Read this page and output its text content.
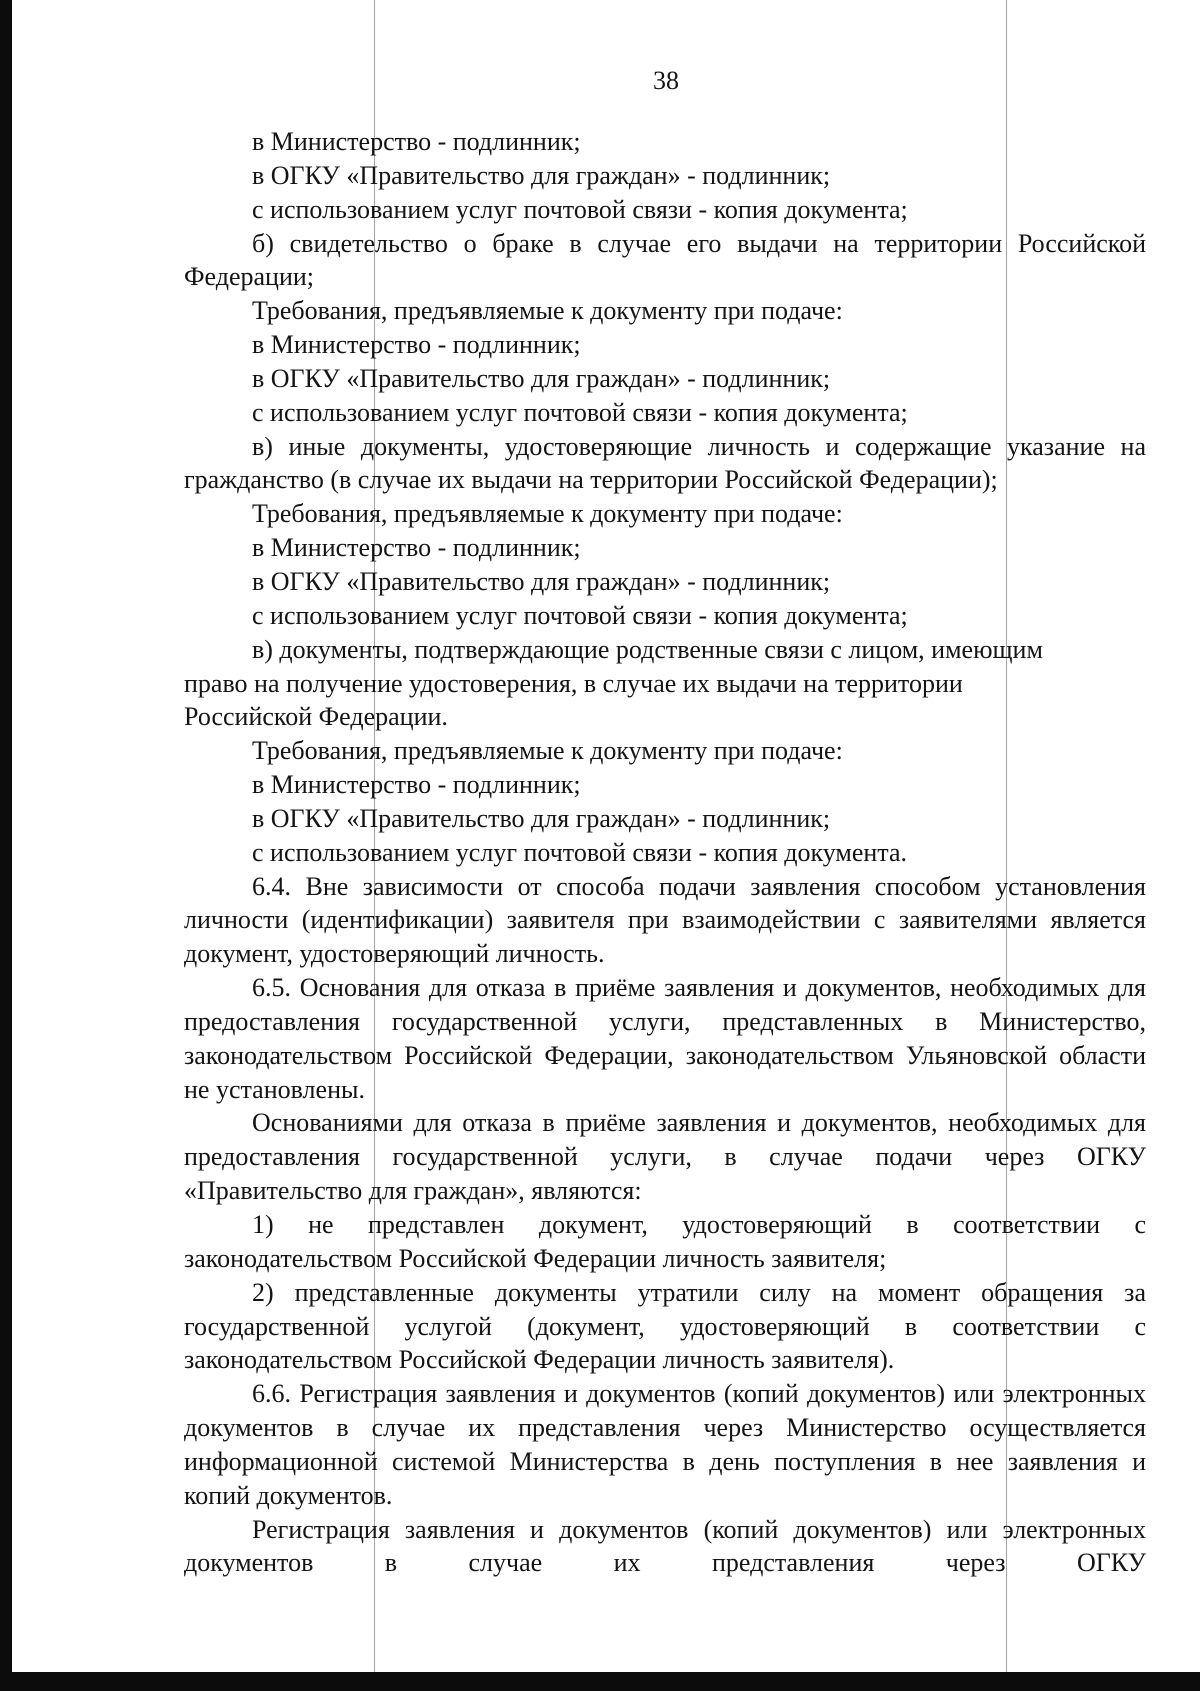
38

в Министерство - подлинник;

в ОГКУ «Правительство для граждан» - подлинник;

с использованием услуг почтовой связи - копия документа;

б) свидетельство о браке в случае его выдачи на территории Российской Федерации;

Требования, предъявляемые к документу при подаче:

в Министерство - подлинник;

в ОГКУ «Правительство для граждан» - подлинник;

с использованием услуг почтовой связи - копия документа;

в) иные документы, удостоверяющие личность и содержащие указание на гражданство (в случае их выдачи на территории Российской Федерации);

Требования, предъявляемые к документу при подаче:

в Министерство - подлинник;

в ОГКУ «Правительство для граждан» - подлинник;

с использованием услуг почтовой связи - копия документа;

в) документы, подтверждающие родственные связи с лицом, имеющим

право на получение удостоверения, в случае их выдачи на территории

Российской Федерации.

Требования, предъявляемые к документу при подаче:

в Министерство - подлинник;

в ОГКУ «Правительство для граждан» - подлинник;

с использованием услуг почтовой связи - копия документа.

6.4. Вне зависимости от способа подачи заявления способом установления личности (идентификации) заявителя при взаимодействии с заявителями является документ, удостоверяющий личность.

6.5. Основания для отказа в приёме заявления и документов, необходимых для предоставления государственной услуги, представленных в Министерство, законодательством Российской Федерации, законодательством Ульяновской области не установлены.

Основаниями для отказа в приёме заявления и документов, необходимых для предоставления государственной услуги, в случае подачи через ОГКУ «Правительство для граждан», являются:

1) не представлен документ, удостоверяющий в соответствии с законодательством Российской Федерации личность заявителя;

2) представленные документы утратили силу на момент обращения за государственной услугой (документ, удостоверяющий в соответствии с законодательством Российской Федерации личность заявителя).

6.6. Регистрация заявления и документов (копий документов) или электронных документов в случае их представления через Министерство осуществляется информационной системой Министерства в день поступления в нее заявления и копий документов.

Регистрация заявления и документов (копий документов) или электронных документов в случае их представления через ОГКУ
